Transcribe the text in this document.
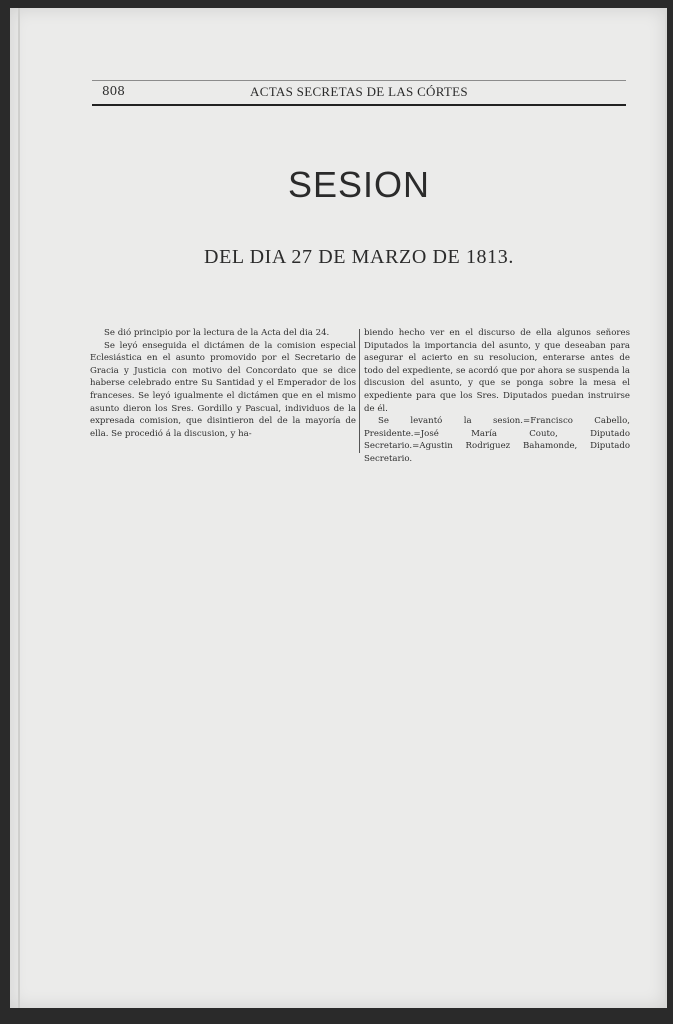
808	ACTAS SECRETAS DE LAS CÓRTES
SESION
DEL DIA 27 DE MARZO DE 1813.

Se dió principio por la lectura de la Acta del dia 24.

Se leyó enseguida el dictámen de la comision especial Eclesiástica en el asunto promovido por el Secretario de Gracia y Justicia con motivo del Concordato que se dice haberse celebrado entre Su Santidad y el Emperador de los franceses. Se leyó igualmente el dictámen que en el mismo asunto dieron los Sres. Gordillo y Pascual, individuos de la expresada comision, que disintieron del de la mayoría de ella. Se procedió á la discusion, y ha-

biendo hecho ver en el discurso de ella algunos señores Diputados la importancia del asunto, y que deseaban para asegurar el acierto en su resolucion, enterarse antes de todo del expediente, se acordó que por ahora se suspenda la discusion del asunto, y que se ponga sobre la mesa el expediente para que los Sres. Diputados puedan instruirse de él.

Se levantó la sesion.=Francisco Cabello, Presidente.=José María Couto, Diputado Secretario.=Agustin Rodriguez Bahamonde, Diputado Secretario.
